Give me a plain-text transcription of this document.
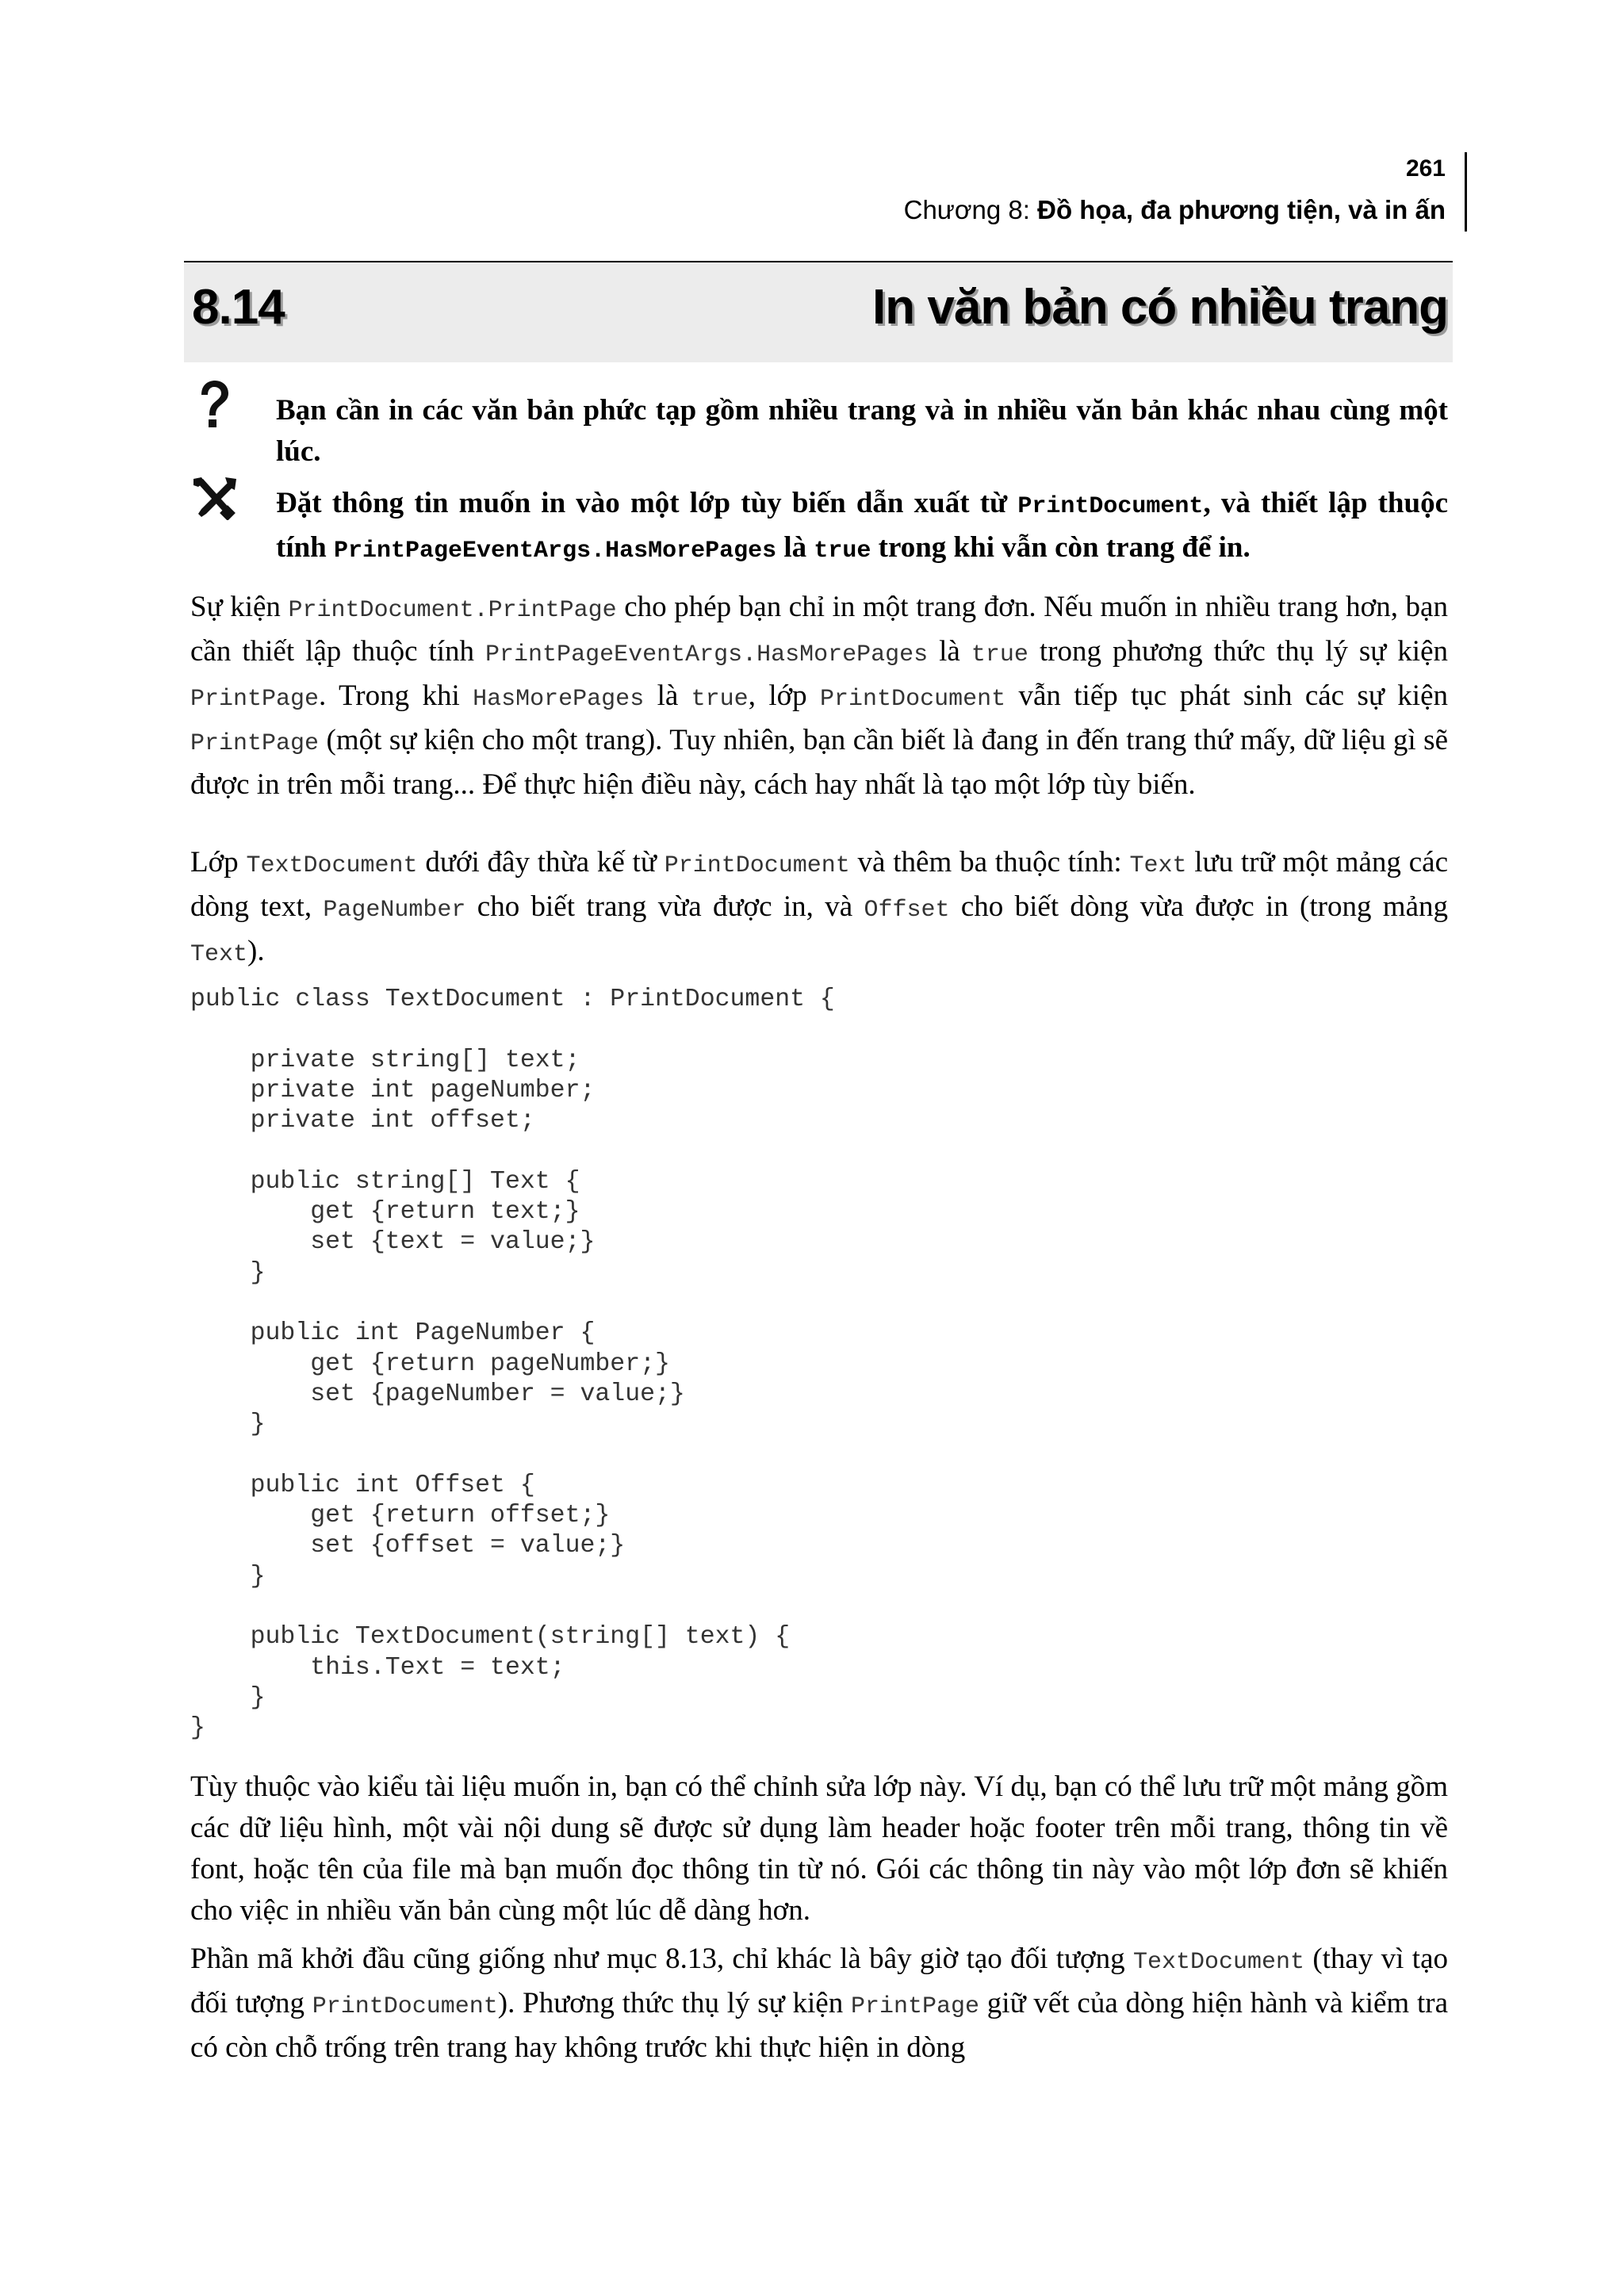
261
Chương 8: Đồ họa, đa phương tiện, và in ấn
8.14	In văn bản có nhiều trang
Bạn cần in các văn bản phức tạp gồm nhiều trang và in nhiều văn bản khác nhau cùng một lúc.
Đặt thông tin muốn in vào một lớp tùy biến dẫn xuất từ PrintDocument, và thiết lập thuộc tính PrintPageEventArgs.HasMorePages là true trong khi vẫn còn trang để in.
Sự kiện PrintDocument.PrintPage cho phép bạn chỉ in một trang đơn. Nếu muốn in nhiều trang hơn, bạn cần thiết lập thuộc tính PrintPageEventArgs.HasMorePages là true trong phương thức thụ lý sự kiện PrintPage. Trong khi HasMorePages là true, lớp PrintDocument vẫn tiếp tục phát sinh các sự kiện PrintPage (một sự kiện cho một trang). Tuy nhiên, bạn cần biết là đang in đến trang thứ mấy, dữ liệu gì sẽ được in trên mỗi trang... Để thực hiện điều này, cách hay nhất là tạo một lớp tùy biến.
Lớp TextDocument dưới đây thừa kế từ PrintDocument và thêm ba thuộc tính: Text lưu trữ một mảng các dòng text, PageNumber cho biết trang vừa được in, và Offset cho biết dòng vừa được in (trong mảng Text).
public class TextDocument : PrintDocument {

private string[] text;
private int pageNumber;
private int offset;

public string[] Text {
get {return text;}
set {text = value;}
}

public int PageNumber {
get {return pageNumber;}
set {pageNumber = value;}
}

public int Offset {
get {return offset;}
set {offset = value;}
}

public TextDocument(string[] text) {
this.Text = text;
}
}
Tùy thuộc vào kiểu tài liệu muốn in, bạn có thể chỉnh sửa lớp này. Ví dụ, bạn có thể lưu trữ một mảng gồm các dữ liệu hình, một vài nội dung sẽ được sử dụng làm header hoặc footer trên mỗi trang, thông tin về font, hoặc tên của file mà bạn muốn đọc thông tin từ nó. Gói các thông tin này vào một lớp đơn sẽ khiến cho việc in nhiều văn bản cùng một lúc dễ dàng hơn.
Phần mã khởi đầu cũng giống như mục 8.13, chỉ khác là bây giờ tạo đối tượng TextDocument (thay vì tạo đối tượng PrintDocument). Phương thức thụ lý sự kiện PrintPage giữ vết của dòng hiện hành và kiểm tra có còn chỗ trống trên trang hay không trước khi thực hiện in dòng
